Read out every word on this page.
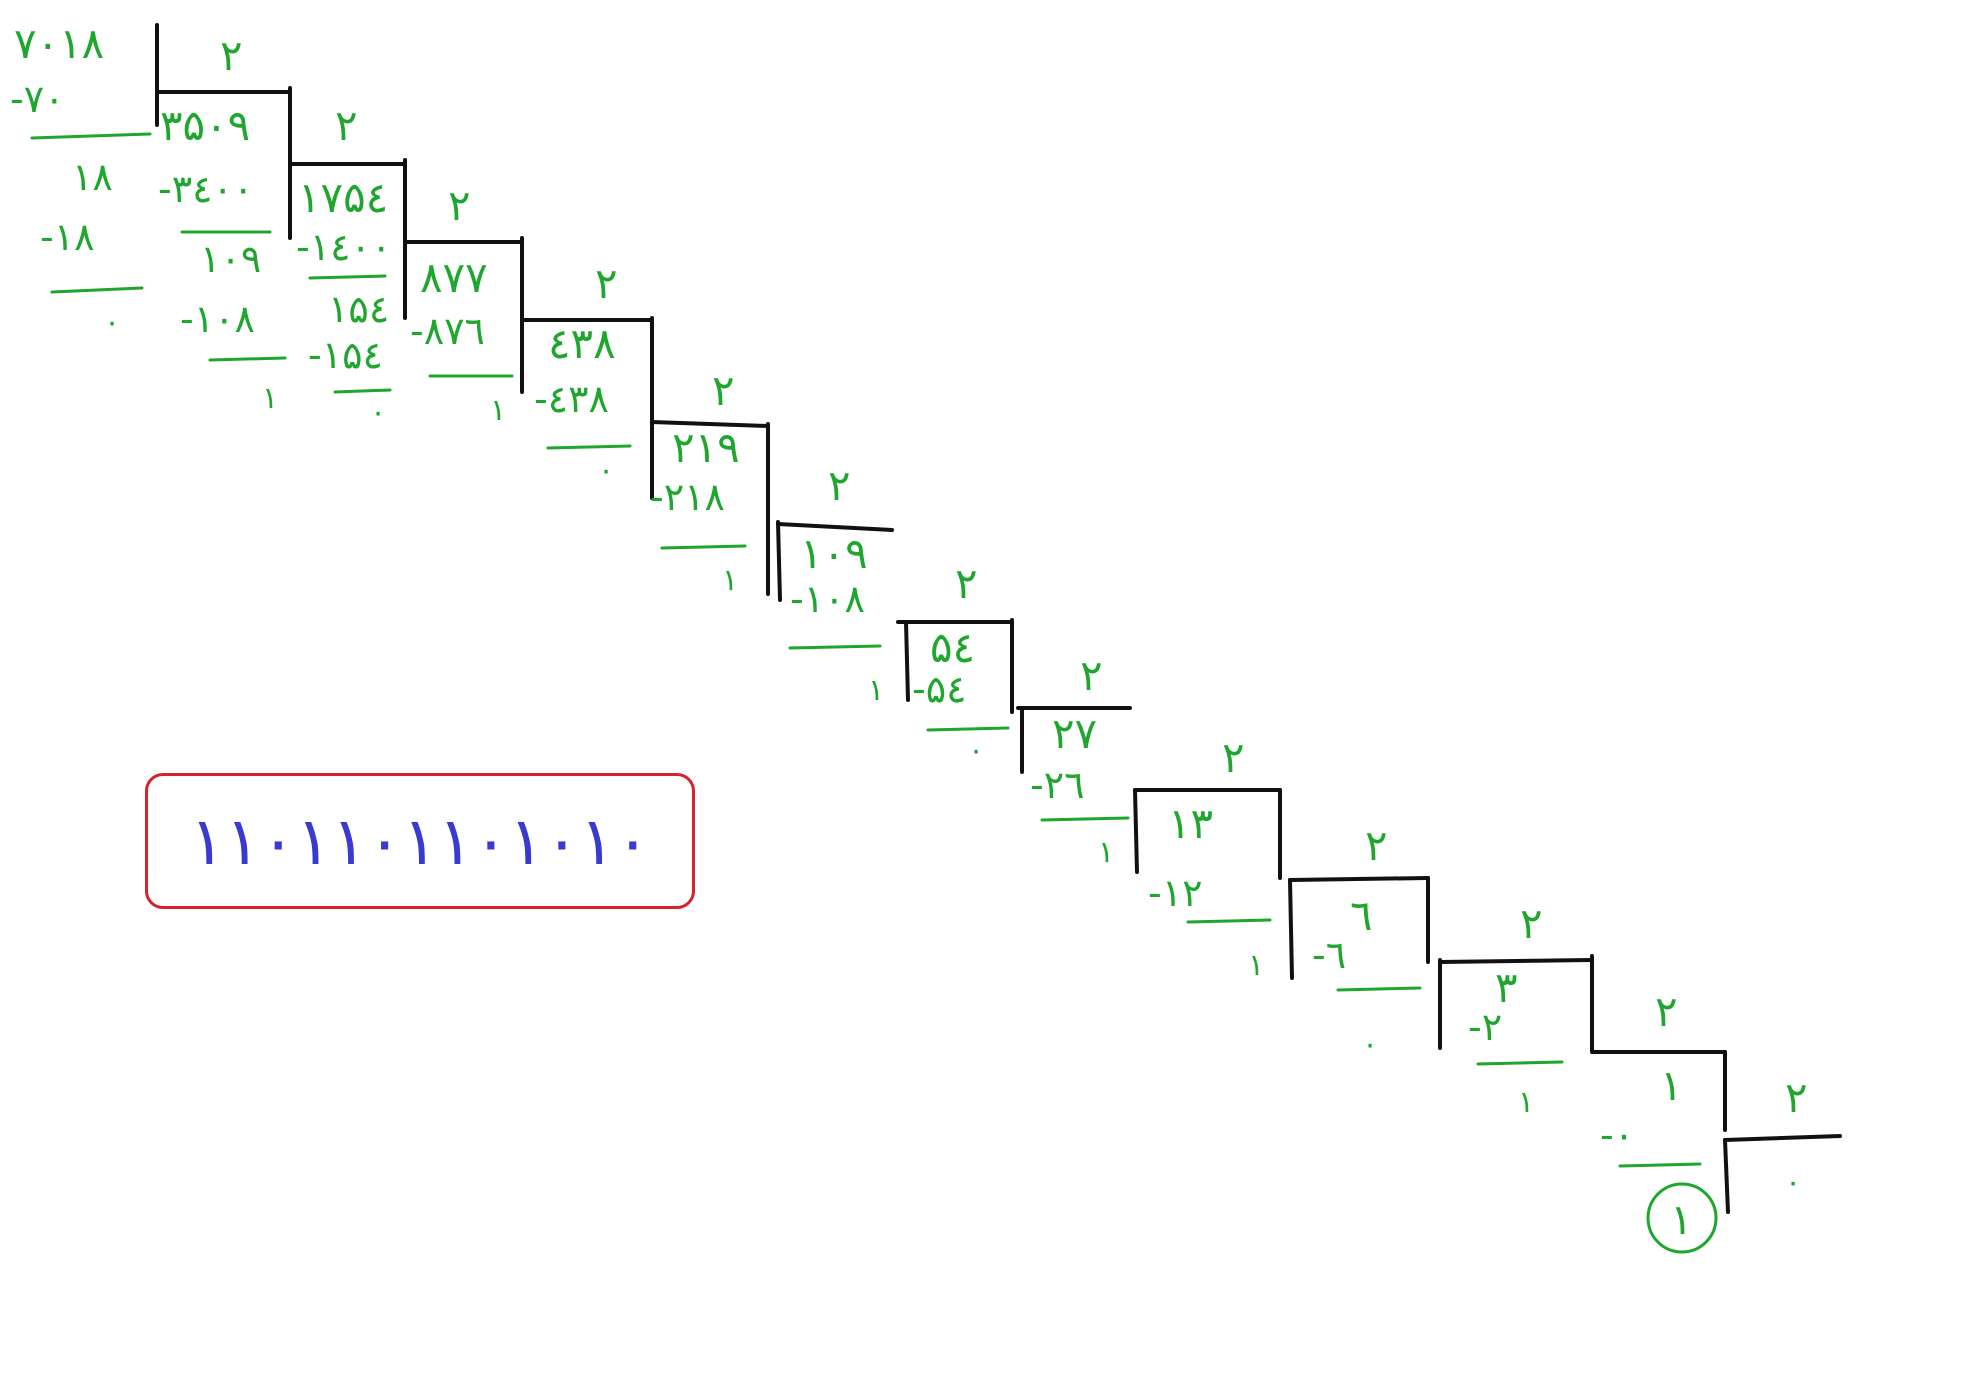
۲
۲
۲
۲
۲
۲
۲
۲
۲
۲
۲
۲
۲
۷۰۱۸
-۷۰
۱۸
-۱۸
۰
۳۵۰۹
-۳٤۰۰
۱۰۹
-۱۰۸
۱
۱۷۵٤
-۱٤۰۰
۱۵٤
-۱۵٤
۰
۸۷۷
-۸۷٦
۱
٤۳۸
-٤۳۸
۰ ۲۱۹
-۲۱۸
۱
۱۰۹
-۱۰۸
۱
۵٤
-۵٤
۰ ۲۷
-۲٦
۱
۱۳
-۱۲
۱
٦
-٦
۰
۳
-۲
۱	۱
-۰
۱
۰
۱۱۰۱۱۰۱۱۰۱۰۱۰
